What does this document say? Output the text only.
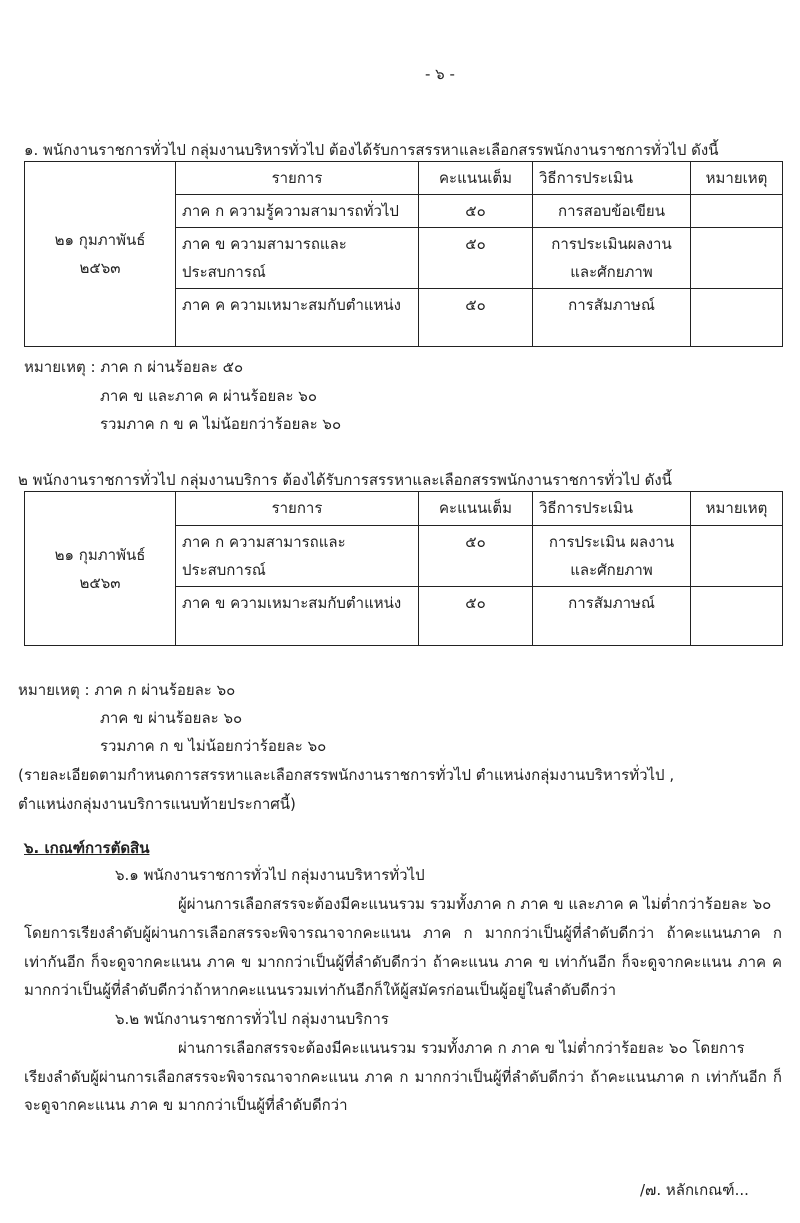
- ๖ -
๑. พนักงานราชการทั่วไป กลุ่มงานบริหารทั่วไป ต้องได้รับการสรรหาและเลือกสรรพนักงานราชการทั่วไป ดังนี้
๒๑ กุมภาพันธ์
๒๕๖๓	รายการ	คะแนนเต็ม	วิธีการประเมิน	หมายเหตุ
	ภาค ก ความรู้ความสามารถทั่วไป	๕๐	การสอบข้อเขียน	
	ภาค ข ความสามารถและประสบการณ์	๕๐	การประเมินผลงานและศักยภาพ	
	ภาค ค ความเหมาะสมกับตำแหน่ง	๕๐	การสัมภาษณ์	
หมายเหตุ : ภาค ก ผ่านร้อยละ ๕๐
ภาค ข และภาค ค ผ่านร้อยละ ๖๐
รวมภาค ก ข ค ไม่น้อยกว่าร้อยละ ๖๐
๒ พนักงานราชการทั่วไป กลุ่มงานบริการ ต้องได้รับการสรรหาและเลือกสรรพนักงานราชการทั่วไป ดังนี้
๒๑ กุมภาพันธ์
๒๕๖๓	รายการ	คะแนนเต็ม	วิธีการประเมิน	หมายเหตุ
	ภาค ก ความสามารถและประสบการณ์	๕๐	การประเมิน ผลงาน และศักยภาพ	
	ภาค ข ความเหมาะสมกับตำแหน่ง	๕๐	การสัมภาษณ์	
หมายเหตุ : ภาค ก ผ่านร้อยละ ๖๐
ภาค ข ผ่านร้อยละ ๖๐
รวมภาค ก ข ไม่น้อยกว่าร้อยละ ๖๐
(รายละเอียดตามกำหนดการสรรหาและเลือกสรรพนักงานราชการทั่วไป ตำแหน่งกลุ่มงานบริหารทั่วไป ,
ตำแหน่งกลุ่มงานบริการแนบท้ายประกาศนี้)
๖. เกณฑ์การตัดสิน
๖.๑ พนักงานราชการทั่วไป กลุ่มงานบริหารทั่วไป
ผู้ผ่านการเลือกสรรจะต้องมีคะแนนรวม รวมทั้งภาค ก ภาค ข และภาค ค ไม่ต่ำกว่าร้อยละ ๖๐
โดยการเรียงลำดับผู้ผ่านการเลือกสรรจะพิจารณาจากคะแนน ภาค ก มากกว่าเป็นผู้ที่ลำดับดีกว่า ถ้าคะแนนภาค ก
เท่ากันอีก ก็จะดูจากคะแนน ภาค ข มากกว่าเป็นผู้ที่ลำดับดีกว่า ถ้าคะแนน ภาค ข เท่ากันอีก ก็จะดูจากคะแนน ภาค ค
มากกว่าเป็นผู้ที่ลำดับดีกว่าถ้าหากคะแนนรวมเท่ากันอีกก็ให้ผู้สมัครก่อนเป็นผู้อยู่ในลำดับดีกว่า
๖.๒ พนักงานราชการทั่วไป กลุ่มงานบริการ
ผ่านการเลือกสรรจะต้องมีคะแนนรวม รวมทั้งภาค ก ภาค ข ไม่ต่ำกว่าร้อยละ ๖๐ โดยการ
เรียงลำดับผู้ผ่านการเลือกสรรจะพิจารณาจากคะแนน ภาค ก มากกว่าเป็นผู้ที่ลำดับดีกว่า ถ้าคะแนนภาค ก เท่ากันอีก ก็
จะดูจากคะแนน ภาค ข มากกว่าเป็นผู้ที่ลำดับดีกว่า
/๗. หลักเกณฑ์...
